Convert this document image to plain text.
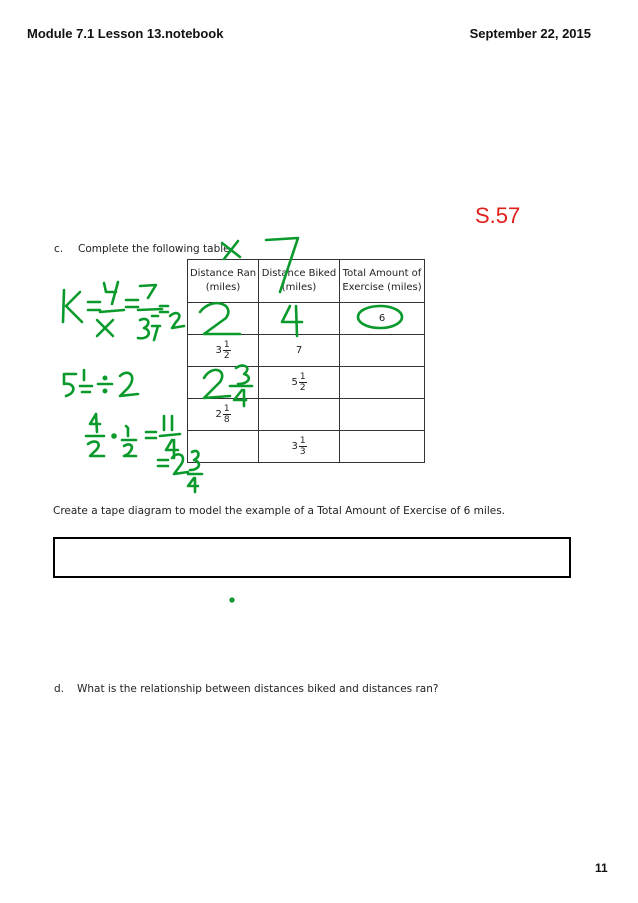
Module 7.1 Lesson 13.notebook	September 22, 2015
S.57
c. Complete the following table
Distance Ran (miles)	Distance Biked (miles)	Total Amount of Exercise (miles)
		6

$3 \frac{1}{2}$	7	

	$5 \frac{1}{2}$

$2 \frac{1}{8}$

	$3 \frac{1}{3}$

Create a tape diagram to model the example of a Total Amount of Exercise of 6 miles.
d. What is the relationship between distances biked and distances ran?
11
